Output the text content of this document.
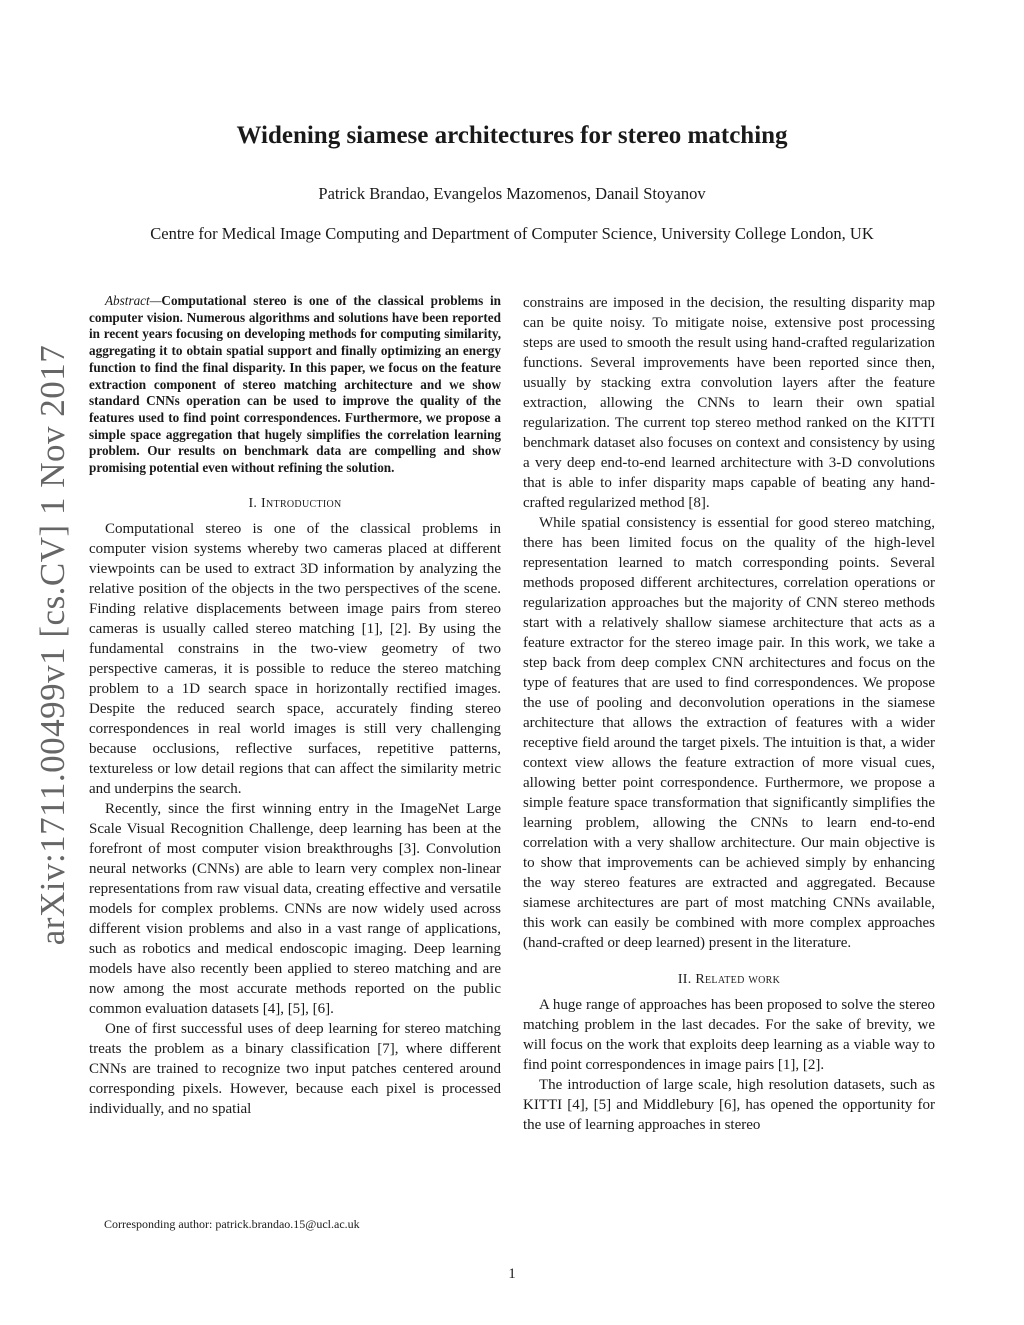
Widening siamese architectures for stereo matching
Patrick Brandao, Evangelos Mazomenos, Danail Stoyanov
Centre for Medical Image Computing and Department of Computer Science, University College London, UK
arXiv:1711.00499v1 [cs.CV] 1 Nov 2017

Abstract—Computational stereo is one of the classical problems in computer vision. Numerous algorithms and solutions have been reported in recent years focusing on developing methods for computing similarity, aggregating it to obtain spatial support and finally optimizing an energy function to find the final disparity. In this paper, we focus on the feature extraction component of stereo matching architecture and we show standard CNNs operation can be used to improve the quality of the features used to find point correspondences. Furthermore, we propose a simple space aggregation that hugely simplifies the correlation learning problem. Our results on benchmark data are compelling and show promising potential even without refining the solution.

I. Introduction

Computational stereo is one of the classical problems in computer vision systems whereby two cameras placed at different viewpoints can be used to extract 3D information by analyzing the relative position of the objects in the two perspectives of the scene. Finding relative displacements between image pairs from stereo cameras is usually called stereo matching [1], [2]. By using the fundamental constrains in the two-view geometry of two perspective cameras, it is possible to reduce the stereo matching problem to a 1D search space in horizontally rectified images. Despite the reduced search space, accurately finding stereo correspondences in real world images is still very challenging because occlusions, reflective surfaces, repetitive patterns, textureless or low detail regions that can affect the similarity metric and underpins the search.

Recently, since the first winning entry in the ImageNet Large Scale Visual Recognition Challenge, deep learning has been at the forefront of most computer vision breakthroughs [3]. Convolution neural networks (CNNs) are able to learn very complex non-linear representations from raw visual data, creating effective and versatile models for complex problems. CNNs are now widely used across different vision problems and also in a vast range of applications, such as robotics and medical endoscopic imaging. Deep learning models have also recently been applied to stereo matching and are now among the most accurate methods reported on the public common evaluation datasets [4], [5], [6].

One of first successful uses of deep learning for stereo matching treats the problem as a binary classification [7], where different CNNs are trained to recognize two input patches centered around corresponding pixels. However, because each pixel is processed individually, and no spatial

constrains are imposed in the decision, the resulting disparity map can be quite noisy. To mitigate noise, extensive post processing steps are used to smooth the result using hand-crafted regularization functions. Several improvements have been reported since then, usually by stacking extra convolution layers after the feature extraction, allowing the CNNs to learn their own spatial regularization. The current top stereo method ranked on the KITTI benchmark dataset also focuses on context and consistency by using a very deep end-to-end learned architecture with 3-D convolutions that is able to infer disparity maps capable of beating any hand-crafted regularized method [8].

While spatial consistency is essential for good stereo matching, there has been limited focus on the quality of the high-level representation learned to match corresponding points. Several methods proposed different architectures, correlation operations or regularization approaches but the majority of CNN stereo methods start with a relatively shallow siamese architecture that acts as a feature extractor for the stereo image pair. In this work, we take a step back from deep complex CNN architectures and focus on the type of features that are used to find correspondences. We propose the use of pooling and deconvolution operations in the siamese architecture that allows the extraction of features with a wider receptive field around the target pixels. The intuition is that, a wider context view allows the feature extraction of more visual cues, allowing better point correspondence. Furthermore, we propose a simple feature space transformation that significantly simplifies the learning problem, allowing the CNNs to learn end-to-end correlation with a very shallow architecture. Our main objective is to show that improvements can be achieved simply by enhancing the way stereo features are extracted and aggregated. Because siamese architectures are part of most matching CNNs available, this work can easily be combined with more complex approaches (hand-crafted or deep learned) present in the literature.

II. Related work

A huge range of approaches has been proposed to solve the stereo matching problem in the last decades. For the sake of brevity, we will focus on the work that exploits deep learning as a viable way to find point correspondences in image pairs [1], [2].

The introduction of large scale, high resolution datasets, such as KITTI [4], [5] and Middlebury [6], has opened the opportunity for the use of learning approaches in stereo

Corresponding author: patrick.brandao.15@ucl.ac.uk
1
